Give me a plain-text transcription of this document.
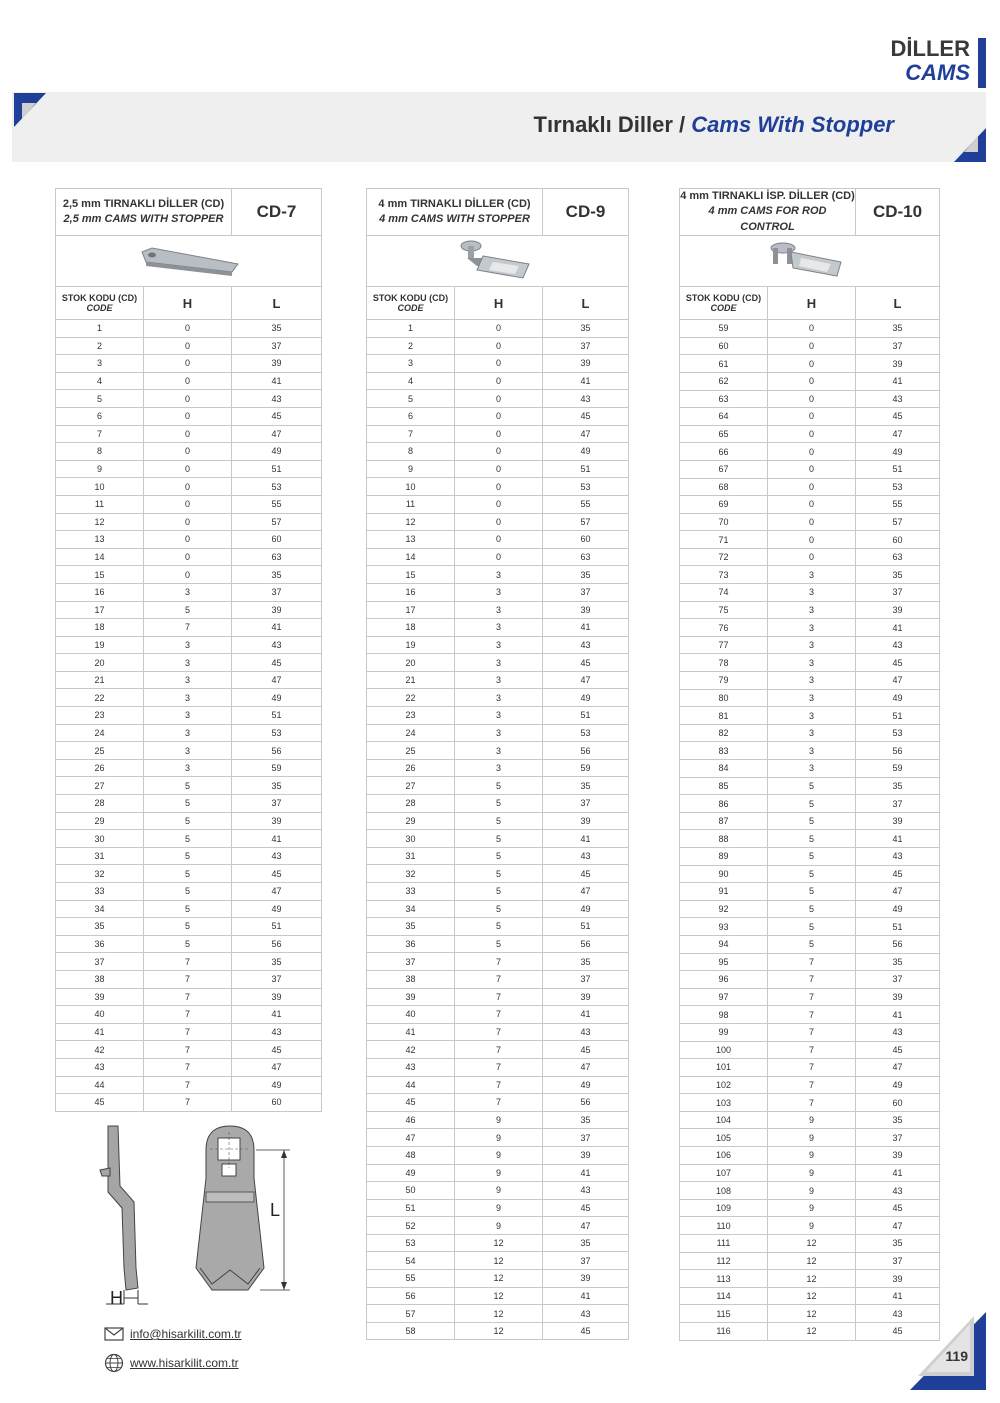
DİLLER
CAMS
Tırnaklı Diller / Cams With Stopper
2,5 mm TIRNAKLI DİLLER (CD)
2,5 mm CAMS WITH STOPPER		CD-7

STOK KODU (CD)
CODE	H	L
1	0	35
2	0	37
3	0	39
4	0	41
5	0	43
6	0	45
7	0	47
8	0	49
9	0	51
10	0	53
11	0	55
12	0	57
13	0	60
14	0	63
15	0	35
16	3	37
17	5	39
18	7	41
19	3	43
20	3	45
21	3	47
22	3	49
23	3	51
24	3	53
25	3	56
26	3	59
27	5	35
28	5	37
29	5	39
30	5	41
31	5	43
32	5	45
33	5	47
34	5	49
35	5	51
36	5	56
37	7	35
38	7	37
39	7	39
40	7	41
41	7	43
42	7	45
43	7	47
44	7	49
45	7	60
4 mm TIRNAKLI DİLLER (CD)
4 mm CAMS WITH STOPPER		CD-9

STOK KODU (CD)
CODE	H	L
1	0	35
2	0	37
3	0	39
4	0	41
5	0	43
6	0	45
7	0	47
8	0	49
9	0	51
10	0	53
11	0	55
12	0	57
13	0	60
14	0	63
15	3	35
16	3	37
17	3	39
18	3	41
19	3	43
20	3	45
21	3	47
22	3	49
23	3	51
24	3	53
25	3	56
26	3	59
27	5	35
28	5	37
29	5	39
30	5	41
31	5	43
32	5	45
33	5	47
34	5	49
35	5	51
36	5	56
37	7	35
38	7	37
39	7	39
40	7	41
41	7	43
42	7	45
43	7	47
44	7	49
45	7	56
46	9	35
47	9	37
48	9	39
49	9	41
50	9	43
51	9	45
52	9	47
53	12	35
54	12	37
55	12	39
56	12	41
57	12	43
58	12	45
4 mm TIRNAKLI İSP. DİLLER (CD)
4 mm CAMS FOR ROD CONTROL		CD-10

STOK KODU (CD)
CODE	H	L
59	0	35
60	0	37
61	0	39
62	0	41
63	0	43
64	0	45
65	0	47
66	0	49
67	0	51
68	0	53
69	0	55
70	0	57
71	0	60
72	0	63
73	3	35
74	3	37
75	3	39
76	3	41
77	3	43
78	3	45
79	3	47
80	3	49
81	3	51
82	3	53
83	3	56
84	3	59
85	5	35
86	5	37
87	5	39
88	5	41
89	5	43
90	5	45
91	5	47
92	5	49
93	5	51
94	5	56
95	7	35
96	7	37
97	7	39
98	7	41
99	7	43
100	7	45
101	7	47
102	7	49
103	7	60
104	9	35
105	9	37
106	9	39
107	9	41
108	9	43
109	9	45
110	9	47
111	12	35
112	12	37
113	12	39
114	12	41
115	12	43
116	12	45
H
L
info@hisarkilit.com.tr
www.hisarkilit.com.tr	119
